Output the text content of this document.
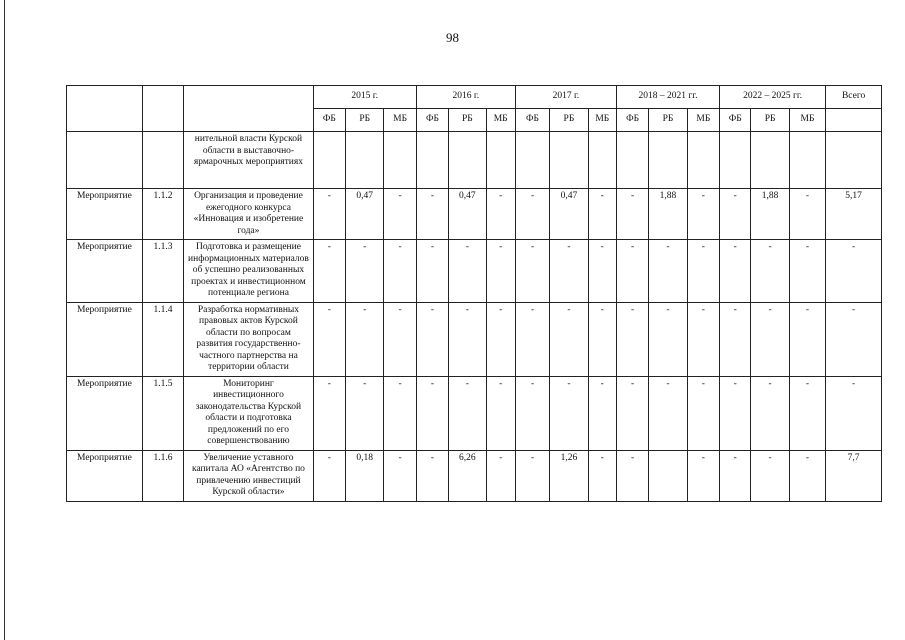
98
			2015 г.			2016 г.			2017 г.			2018 – 2021 гг.			2022 – 2025 гг.			Всего
			ФБ	РБ	МБ	ФБ	РБ	МБ	ФБ	РБ	МБ	ФБ	РБ	МБ	ФБ	РБ	МБ	
		нительной власти Курской области в выставочно-ярмарочных мероприятиях																
Мероприятие	1.1.2	Организация и проведение ежегодного конкурса «Инновация и изобретение года»	-	0,47	-	-	0,47	-	-	0,47	-	-	1,88	-	-	1,88	-	5,17
Мероприятие	1.1.3	Подготовка и размещение информационных материалов об успешно реализованных проектах и инвестиционном потенциале региона	-	-	-	-	-	-	-	-	-	-	-	-	-	-	-	-
Мероприятие	1.1.4	Разработка нормативных правовых актов Курской области по вопросам развития государственно-частного партнерства на территории области	-	-	-	-	-	-	-	-	-	-	-	-	-	-	-	-
Мероприятие	1.1.5	Мониторинг инвестиционного законодательства Курской области и подготовка предложений по его совершенствованию	-	-	-	-	-	-	-	-	-	-	-	-	-	-	-	-
Мероприятие	1.1.6	Увеличение уставного капитала АО «Агентство по привлечению инвестиций Курской области»	-	0,18	-	-	6,26	-	-	1,26	-	-		-	-	-	-	7,7
